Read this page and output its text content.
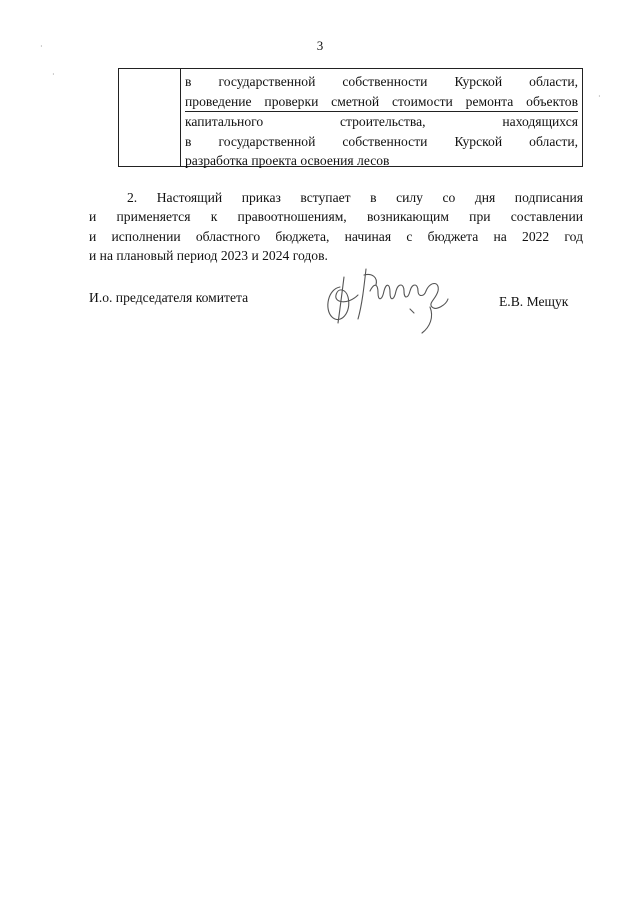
3
в государственной собственности Курской области,
проведение проверки сметной стоимости ремонта объектов
капитального строительства, находящихся
в государственной собственности Курской области,
разработка проекта освоения лесов
2. Настоящий приказ вступает в силу со дня подписания
и применяется к правоотношениям, возникающим при составлении
и исполнении областного бюджета, начиная с бюджета на 2022 год
и на плановый период 2023 и 2024 годов.
И.о. председателя комитета	Е.В. Мещук
·
·
·
